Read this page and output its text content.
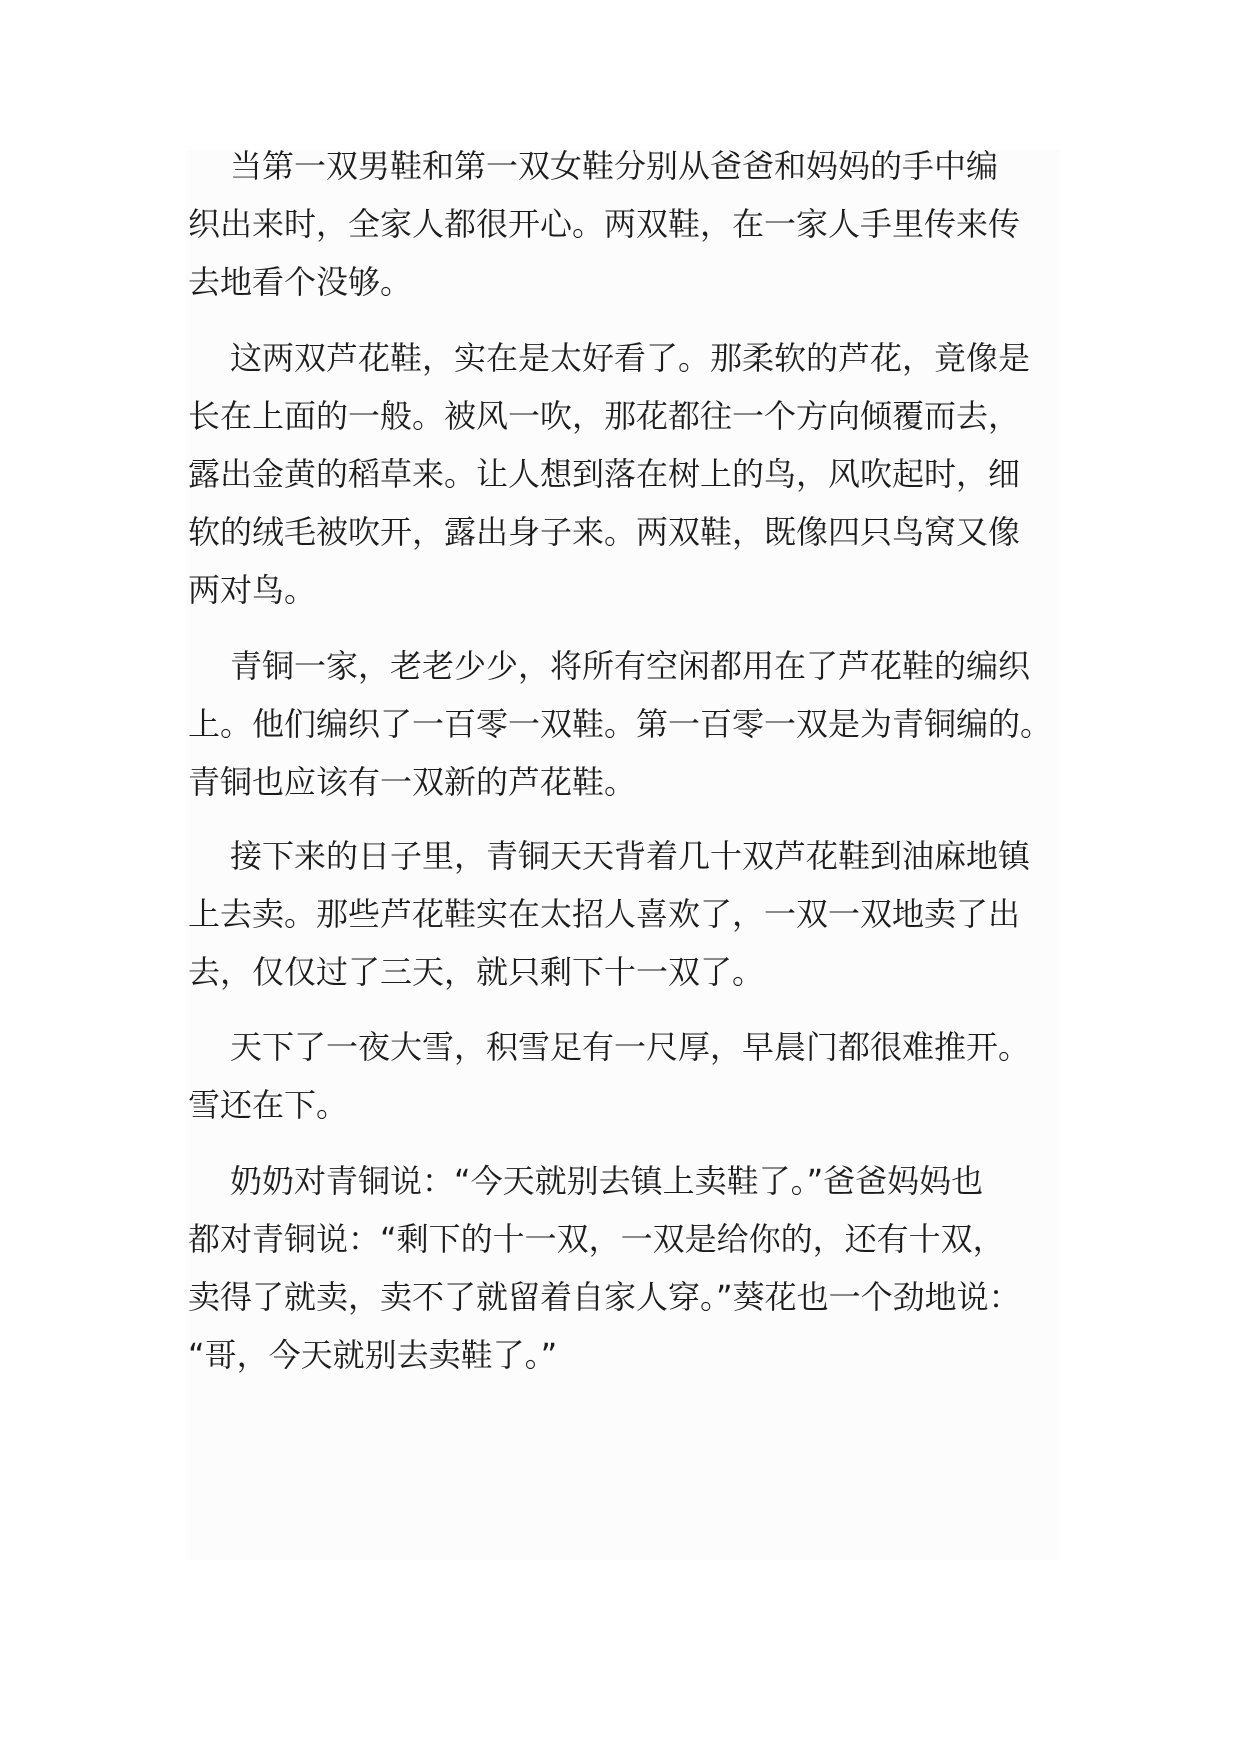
当第一双男鞋和第一双女鞋分别从爸爸和妈妈的手中编
织出来时，全家人都很开心。两双鞋，在一家人手里传来传
去地看个没够。
这两双芦花鞋，实在是太好看了。那柔软的芦花，竟像是
长在上面的一般。被风一吹，那花都往一个方向倾覆而去，
露出金黄的稻草来。让人想到落在树上的鸟，风吹起时，细
软的绒毛被吹开，露出身子来。两双鞋，既像四只鸟窝又像
两对鸟。
青铜一家，老老少少，将所有空闲都用在了芦花鞋的编织
上。他们编织了一百零一双鞋。第一百零一双是为青铜编的。
青铜也应该有一双新的芦花鞋。
接下来的日子里，青铜天天背着几十双芦花鞋到油麻地镇
上去卖。那些芦花鞋实在太招人喜欢了，一双一双地卖了出
去，仅仅过了三天，就只剩下十一双了。
天下了一夜大雪，积雪足有一尺厚，早晨门都很难推开。
雪还在下。
奶奶对青铜说：“今天就别去镇上卖鞋了。”爸爸妈妈也
都对青铜说：“剩下的十一双，一双是给你的，还有十双，
卖得了就卖，卖不了就留着自家人穿。”葵花也一个劲地说：
“哥，今天就别去卖鞋了。”
